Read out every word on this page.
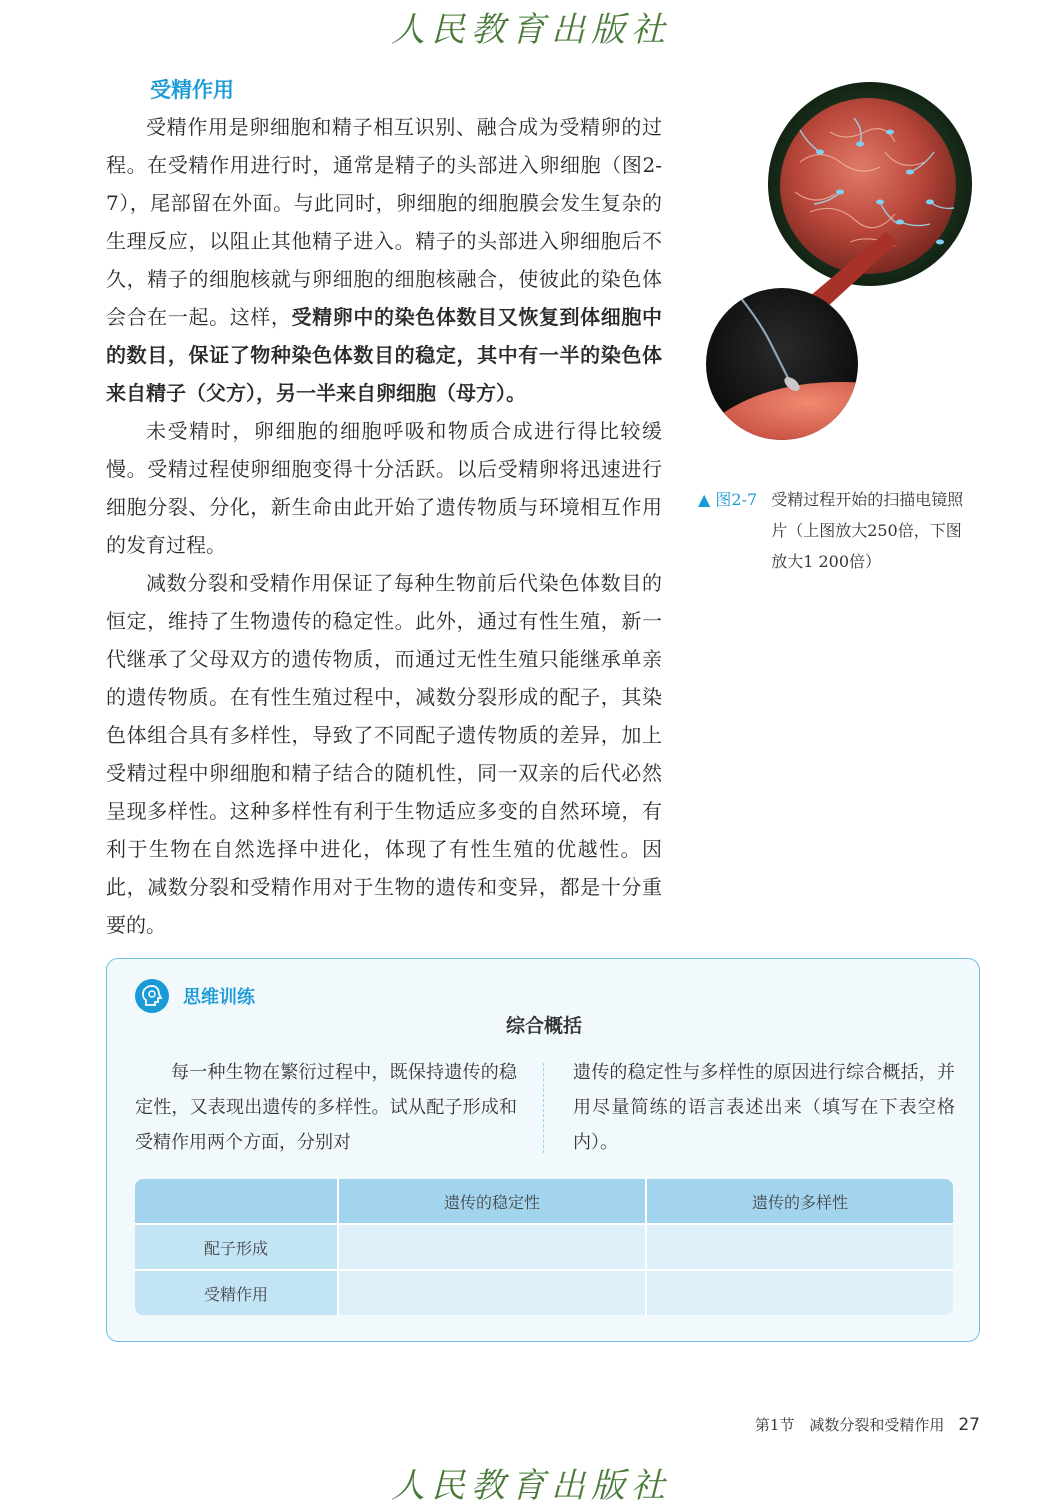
人民教育出版社
受精作用

受精作用是卵细胞和精子相互识别、融合成为受精卵的过程。在受精作用进行时，通常是精子的头部进入卵细胞（图2-7），尾部留在外面。与此同时，卵细胞的细胞膜会发生复杂的生理反应，以阻止其他精子进入。精子的头部进入卵细胞后不久，精子的细胞核就与卵细胞的细胞核融合，使彼此的染色体会合在一起。这样，受精卵中的染色体数目又恢复到体细胞中的数目，保证了物种染色体数目的稳定，其中有一半的染色体来自精子（父方），另一半来自卵细胞（母方）。

未受精时，卵细胞的细胞呼吸和物质合成进行得比较缓慢。受精过程使卵细胞变得十分活跃。以后受精卵将迅速进行细胞分裂、分化，新生命由此开始了遗传物质与环境相互作用的发育过程。

减数分裂和受精作用保证了每种生物前后代染色体数目的恒定，维持了生物遗传的稳定性。此外，通过有性生殖，新一代继承了父母双方的遗传物质，而通过无性生殖只能继承单亲的遗传物质。在有性生殖过程中，减数分裂形成的配子，其染色体组合具有多样性，导致了不同配子遗传物质的差异，加上受精过程中卵细胞和精子结合的随机性，同一双亲的后代必然呈现多样性。这种多样性有利于生物适应多变的自然环境，有利于生物在自然选择中进化，体现了有性生殖的优越性。因此，减数分裂和受精作用对于生物的遗传和变异，都是十分重要的。

▲ 图2-7 受精过程开始的扫描电镜照片（上图放大250倍，下图放大1 200倍）
思维训练
综合概括
每一种生物在繁衍过程中，既保持遗传的稳定性，又表现出遗传的多样性。试从配子形成和受精作用两个方面，分别对
遗传的稳定性与多样性的原因进行综合概括，并用尽量简练的语言表述出来（填写在下表空格内）。
	遗传的稳定性	遗传的多样性
配子形成		
受精作用		
第1节　减数分裂和受精作用 27
人民教育出版社
